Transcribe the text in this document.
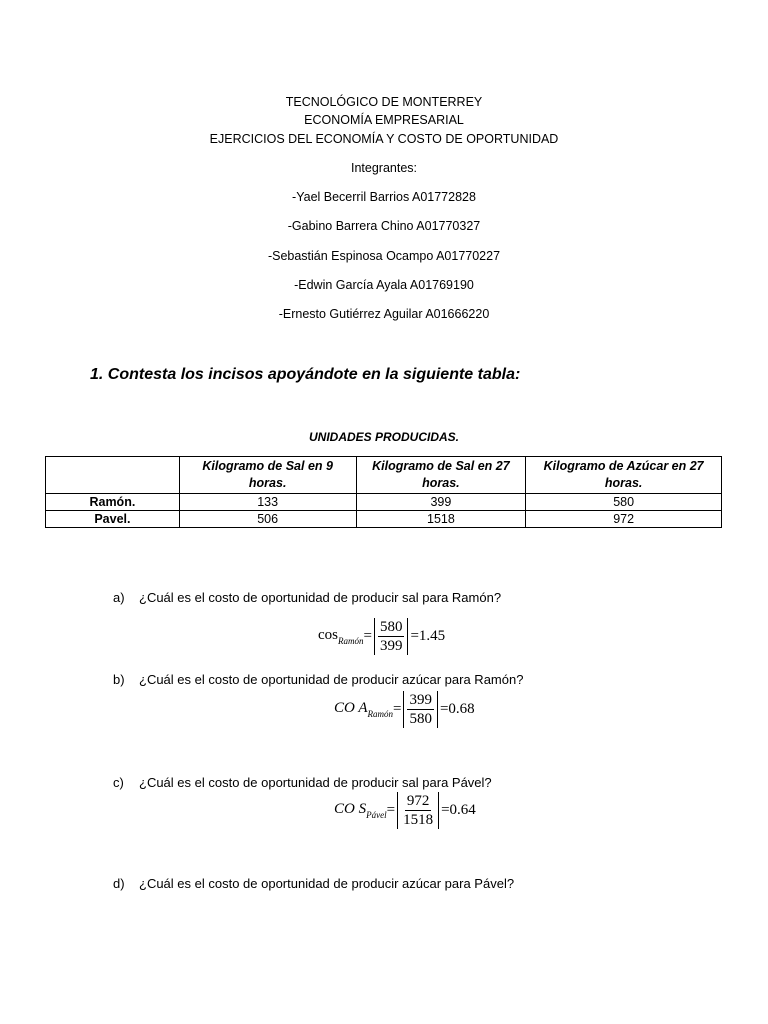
TECNOLÓGICO DE MONTERREY
ECONOMÍA EMPRESARIAL
EJERCICIOS DEL ECONOMÍA Y COSTO DE OPORTUNIDAD
Integrantes:
-Yael Becerril Barrios A01772828
-Gabino Barrera Chino A01770327
-Sebastián Espinosa Ocampo A01770227
-Edwin García Ayala A01769190
-Ernesto Gutiérrez Aguilar A01666220
1. Contesta los incisos apoyándote en la siguiente tabla:
UNIDADES PRODUCIDAS.
	Kilogramo de Sal en 9 horas.	Kilogramo de Sal en 27 horas.	Kilogramo de Azúcar en 27 horas.
Ramón.	133	399	580
Pavel.	506	1518	972
a) ¿Cuál es el costo de oportunidad de producir sal para Ramón?
$\cos_{Ramón} = \frac{580}{399} =1.45$
b) ¿Cuál es el costo de oportunidad de producir azúcar para Ramón?
CO $A_{Ramón} = \frac{399}{580} =0.68$
c) ¿Cuál es el costo de oportunidad de producir sal para Pável?
CO $S_{Pável} = \frac{972}{1518} =0.64$
d) ¿Cuál es el costo de oportunidad de producir azúcar para Pável?
